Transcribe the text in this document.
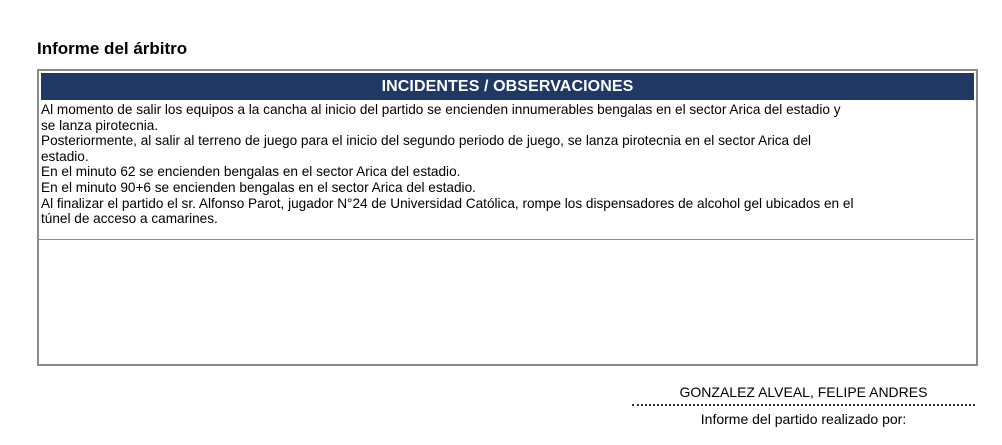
Informe del árbitro
INCIDENTES / OBSERVACIONES
Al momento de salir los equipos a la cancha al inicio del partido se encienden innumerables bengalas en el sector Arica del estadio y
se lanza pirotecnia.
Posteriormente, al salir al terreno de juego para el inicio del segundo periodo de juego, se lanza pirotecnia en el sector Arica del
estadio.
En el minuto 62 se encienden bengalas en el sector Arica del estadio.
En el minuto 90+6 se encienden bengalas en el sector Arica del estadio.
Al finalizar el partido el sr. Alfonso Parot, jugador N°24 de Universidad Católica, rompe los dispensadores de alcohol gel ubicados en el
túnel de acceso a camarines.
GONZALEZ ALVEAL, FELIPE ANDRES
Informe del partido realizado por:
